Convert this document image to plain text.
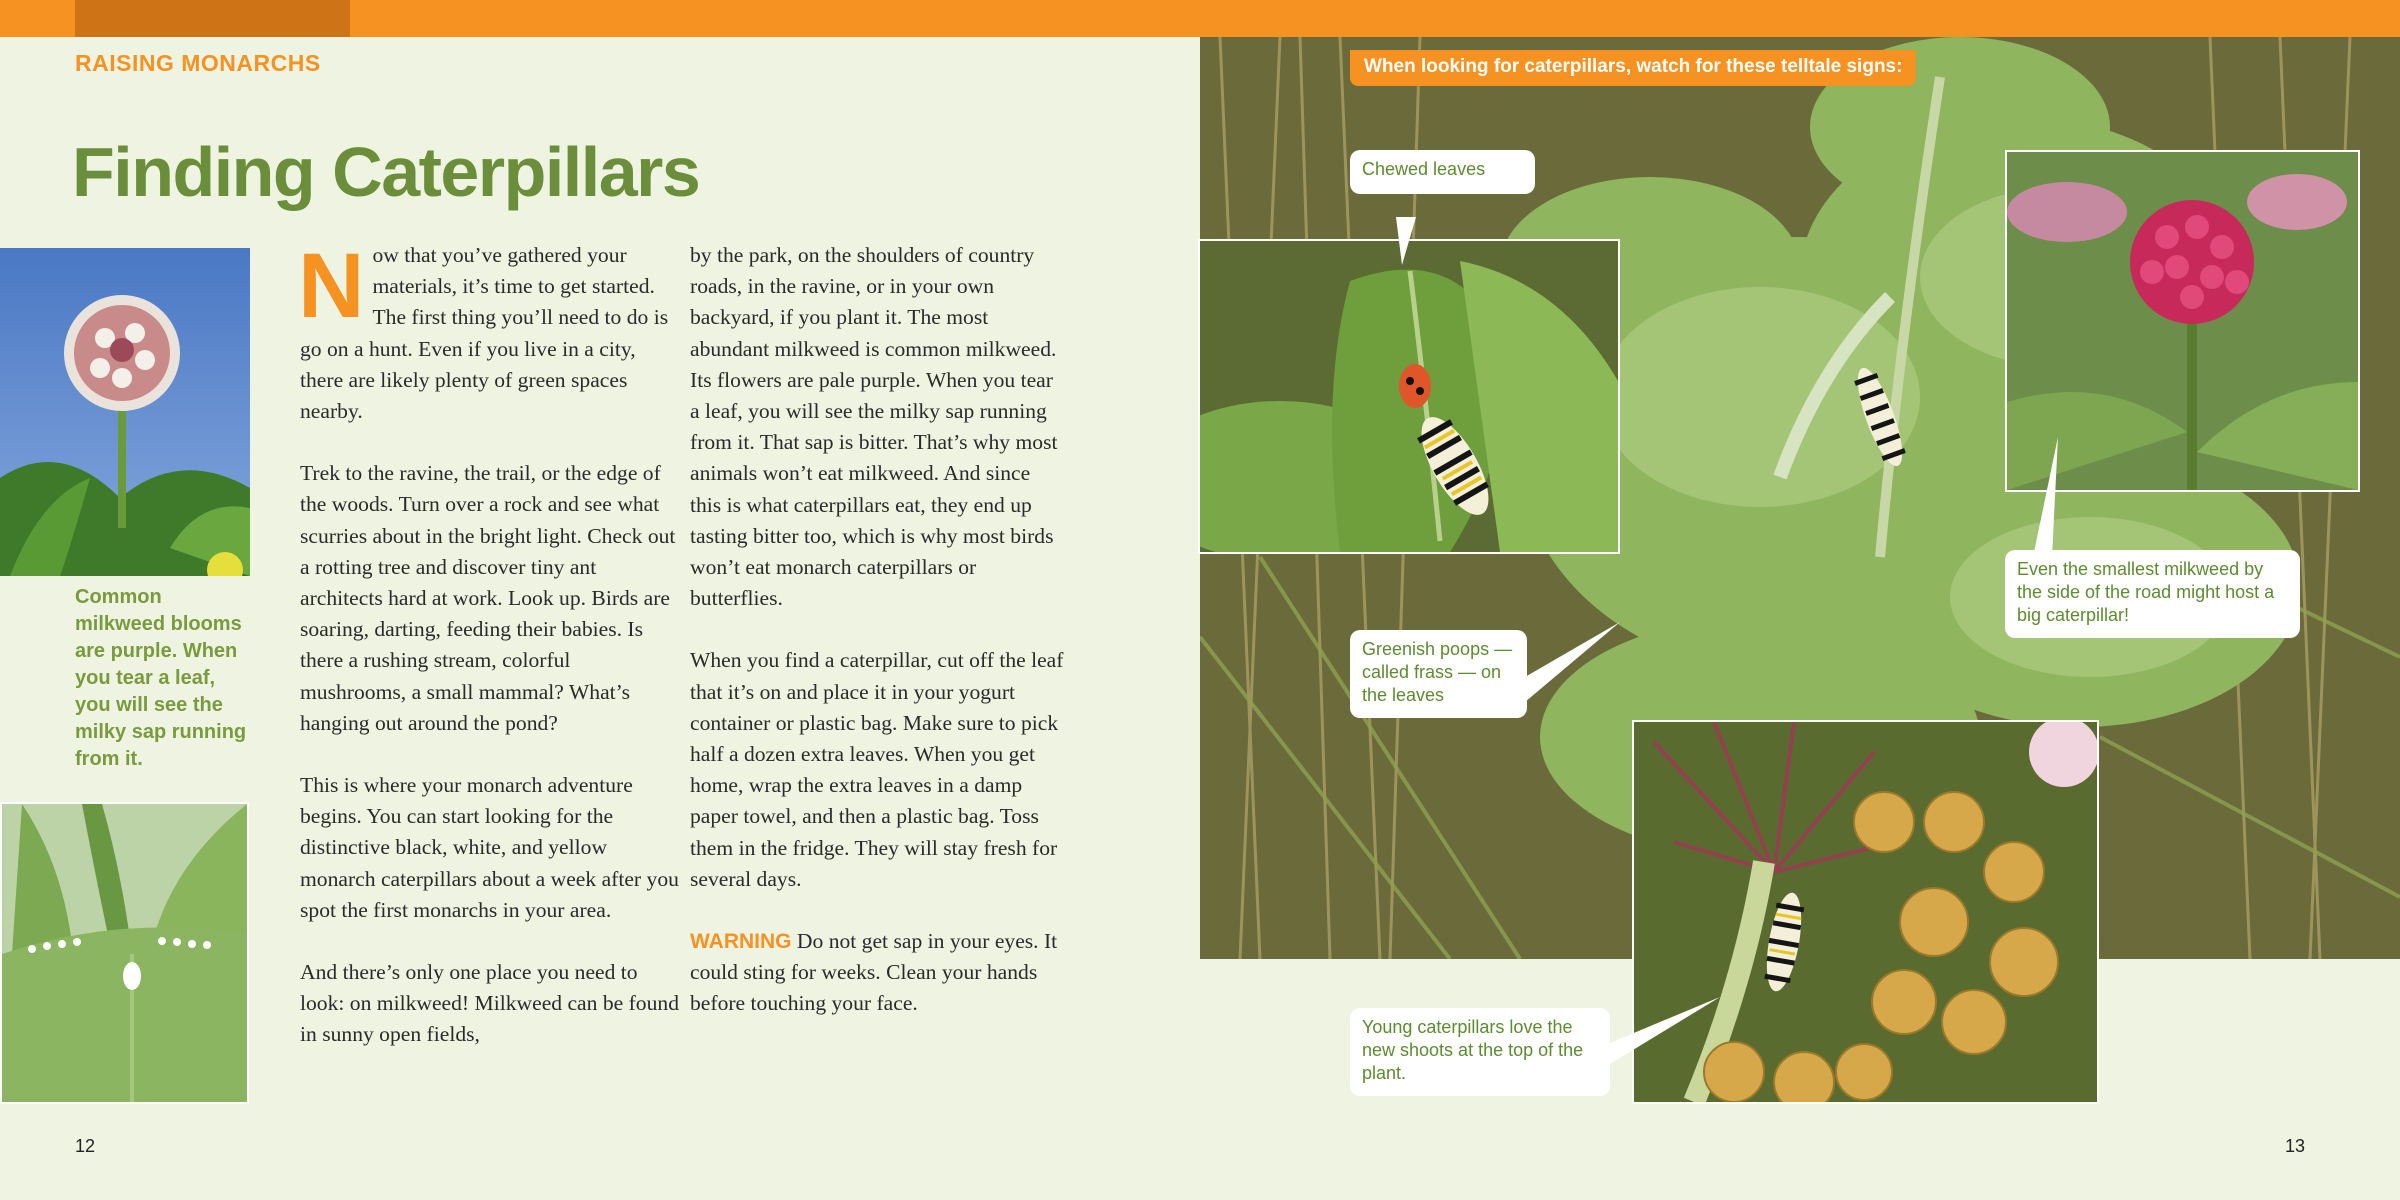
RAISING MONARCHS
Finding Caterpillars
Common milkweed blooms are purple. When you tear a leaf, you will see the milky sap running from it.

Now that you’ve gathered your materials, it’s time to get started. The first thing you’ll need to do is go on a hunt. Even if you live in a city, there are likely plenty of green spaces nearby.

Trek to the ravine, the trail, or the edge of the woods. Turn over a rock and see what scurries about in the bright light. Check out a rotting tree and discover tiny ant architects hard at work. Look up. Birds are soaring, darting, feeding their babies. Is there a rushing stream, colorful mushrooms, a small mammal? What’s hanging out around the pond?

This is where your monarch adventure begins. You can start looking for the distinctive black, white, and yellow monarch caterpillars about a week after you spot the first monarchs in your area.

And there’s only one place you need to look: on milkweed! Milkweed can be found in sunny open fields,

by the park, on the shoulders of country roads, in the ravine, or in your own backyard, if you plant it. The most abundant milkweed is common milkweed. Its flowers are pale purple. When you tear a leaf, you will see the milky sap running from it. That sap is bitter. That’s why most animals won’t eat milkweed. And since this is what caterpillars eat, they end up tasting bitter too, which is why most birds won’t eat monarch caterpillars or butterflies.

When you find a caterpillar, cut off the leaf that it’s on and place it in your yogurt container or plastic bag. Make sure to pick half a dozen extra leaves. When you get home, wrap the extra leaves in a damp paper towel, and then a plastic bag. Toss them in the fridge. They will stay fresh for several days.

WARNING Do not get sap in your eyes. It could sting for weeks. Clean your hands before touching your face.

12
When looking for caterpillars, watch for these telltale signs:
Chewed leaves
Greenish poops — called frass — on the leaves
Even the smallest milkweed by the side of the road might host a big caterpillar!
Young caterpillars love the new shoots at the top of the plant.
13
